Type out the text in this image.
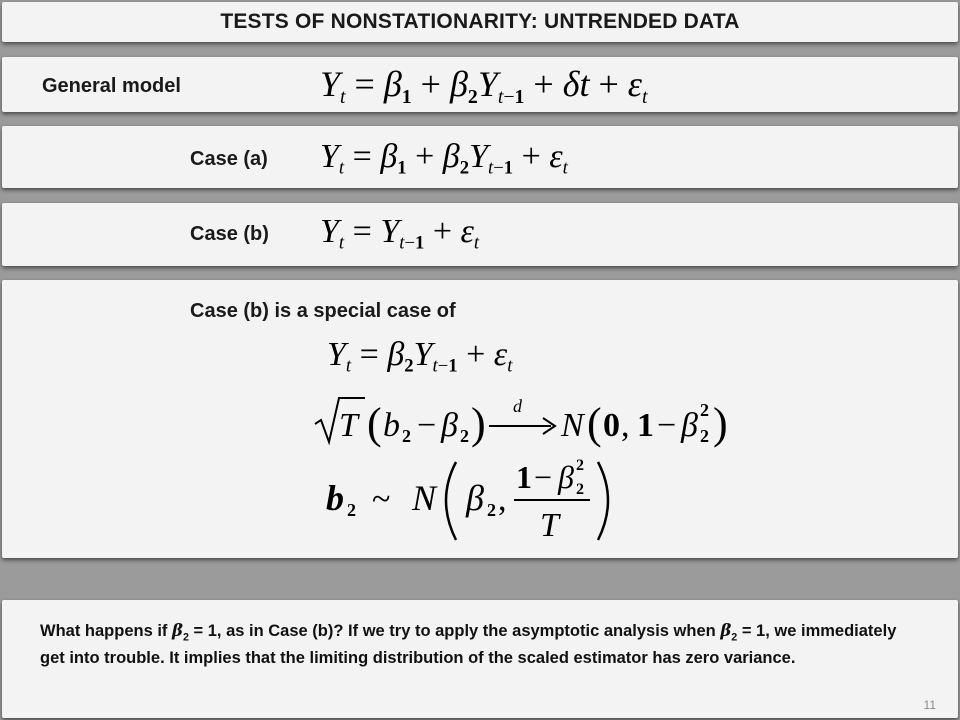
TESTS OF NONSTATIONARITY: UNTRENDED DATA
General model	$Y_t = \beta_1 + \beta_2Y_{t-1} + \delta t + \varepsilon_t$
Case (a) $Y_t = \beta_1 + \beta_2Y_{t-1} + \varepsilon_t$
Case (b) $Y_t = Y_{t-1} + \varepsilon_t$
Case (b) is a special case of
$Y_t = \beta_2Y_{t-1} + \varepsilon_t$
T ( b 2 − β 2 ) d
N ( 0 , 1 − β 2
2 )
b 2 ~ N β 2 ,
1 − β 2
2
T
What happens if $\beta_2 = 1$, as in Case (b)? If we try to apply the asymptotic analysis when $\beta_2 = 1$, we immediately get into trouble. It implies that the limiting distribution of the scaled estimator has zero variance.
11
